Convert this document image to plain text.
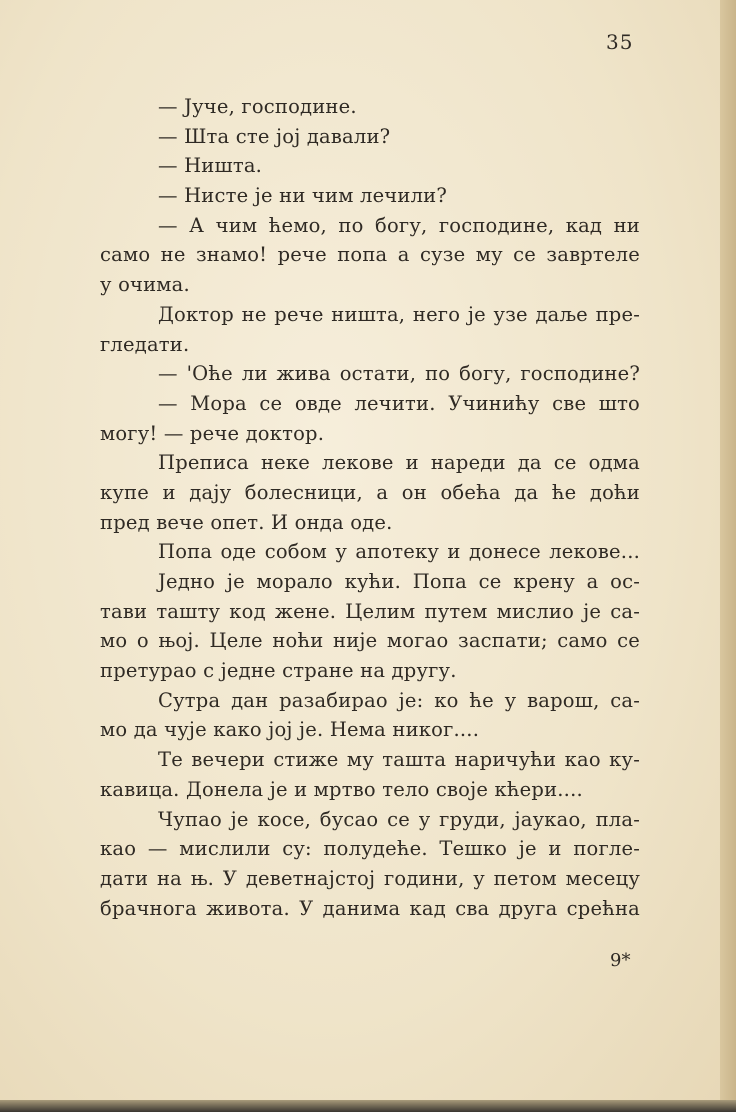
35
— Јуче, господине.
— Шта сте јој давали?
— Ништа.
— Нисте је ни чим лечили?
— А чим ћемо, по богу, господине, кад ни
само не знамо! рече попа а сузе му се завртеле
у очима.
Доктор не рече ништа, него је узе даље пре-
гледати.
— 'Оће ли жива остати, по богу, господине?
— Мора се овде лечити. Учинићу све што
могу! — рече доктор.
Преписа неке лекове и нареди да се одма
купе и дају болесници, а он обећа да ће доћи
пред вече опет. И онда оде.
Попа оде собом у апотеку и донесе лекове...
Једно је морало кући. Попа се крену а ос-
тави ташту код жене. Целим путем мислио је са-
мо о њој. Целе ноћи није могао заспати; само се
претурао с једне стране на другу.
Сутра дан разабирао је: ко ће у варош, са-
мо да чује како јој је. Нема никог....
Те вечери стиже му ташта наричући као ку-
кавица. Донела је и мртво тело своје кћери....
Чупао је косе, бусао се у груди, јаукао, пла-
као — мислили су: полудеће. Тешко је и погле-
дати на њ. У деветнајстој години, у петом месецу
брачнога живота. У данима кад сва друга срећна
9*
